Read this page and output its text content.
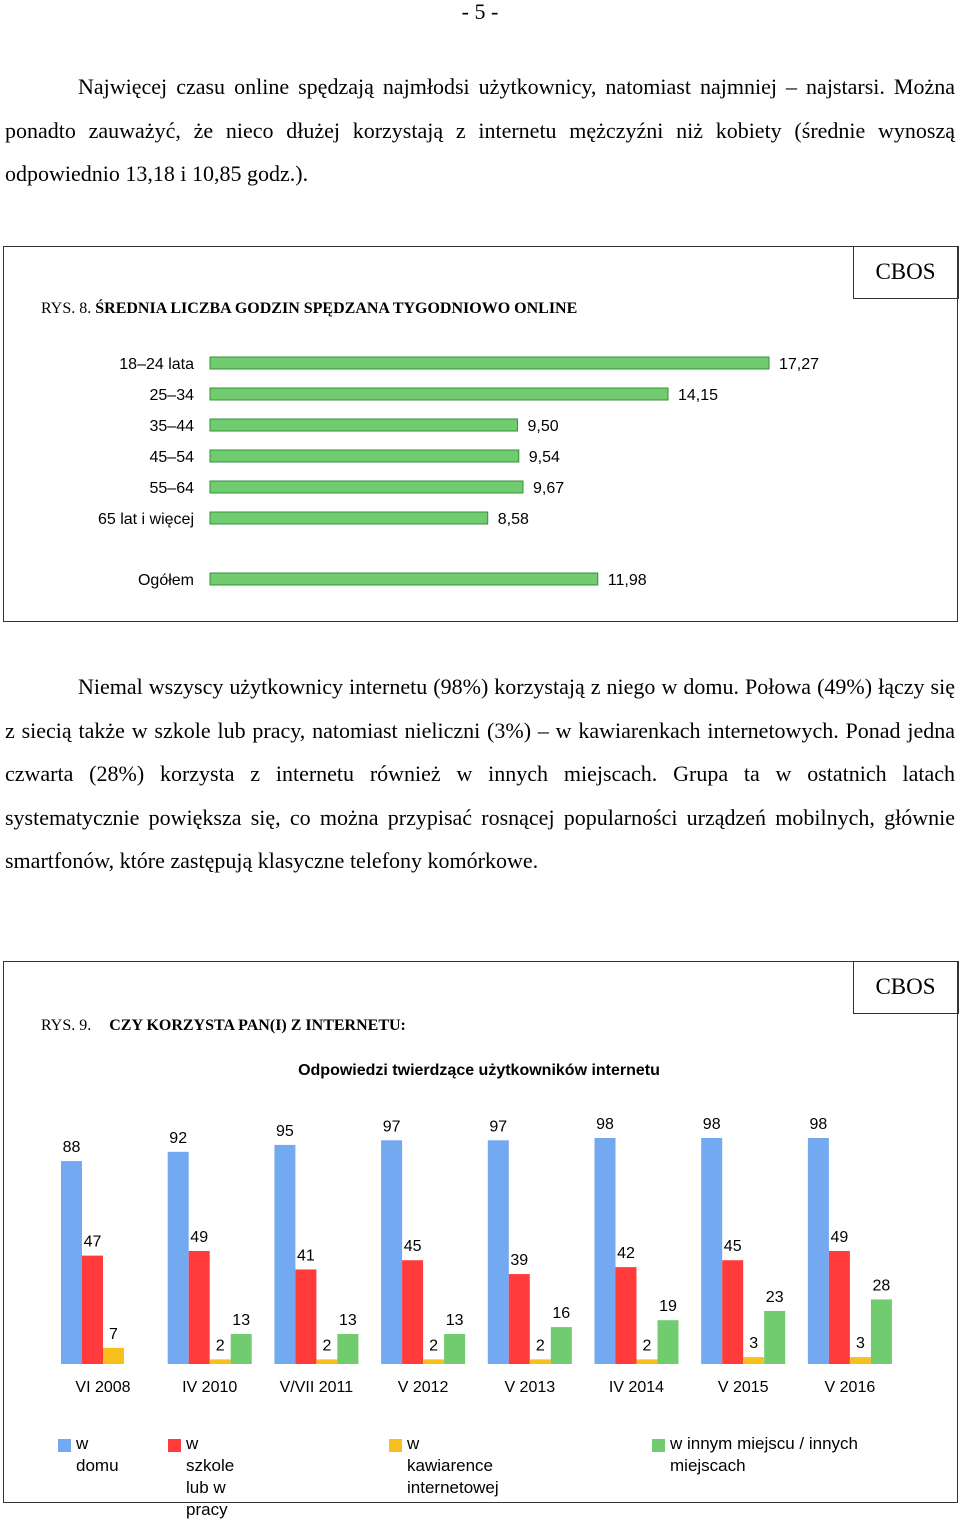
- 5 -

Najwięcej czasu online spędzają najmłodsi użytkownicy, natomiast najmniej – najstarsi. Można ponadto zauważyć, że nieco dłużej korzystają z internetu mężczyźni niż kobiety (średnie wynoszą odpowiednio 13,18 i 10,85 godz.).

CBOS
RYS. 8. ŚREDNIA LICZBA GODZIN SPĘDZANA TYGODNIOWO ONLINE
18–24 lata	17,27
25–34	14,15
35–44	9,50
45–54	9,54
55–64	9,67
65 lat i więcej	8,58
Ogółem	11,98

Niemal wszyscy użytkownicy internetu (98%) korzystają z niego w domu. Połowa (49%) łączy się z siecią także w szkole lub pracy, natomiast nieliczni (3%) – w kawiarenkach internetowych. Ponad jedna czwarta (28%) korzysta z internetu również w innych miejscach. Grupa ta w ostatnich latach systematycznie powiększa się, co można przypisać rosnącej popularności urządzeń mobilnych, głównie smartfonów, które zastępują klasyczne telefony komórkowe.

CBOS
RYS. 9. CZY KORZYSTA PAN(I) Z INTERNETU:
Odpowiedzi twierdzące użytkowników internetu
88
47
7
VI 2008
92
49
2
13
IV 2010
95
41
2
13
V/VII 2011
97
45
2
13
V 2012
97
39
2
16
V 2013
98
42
2
19
IV 2014
98
45
3
23
V 2015
98
49
3
28
V 2016
w domu
w szkole lub w pracy
w kawiarence internetowej
w innym miejscu / innych miejscach
